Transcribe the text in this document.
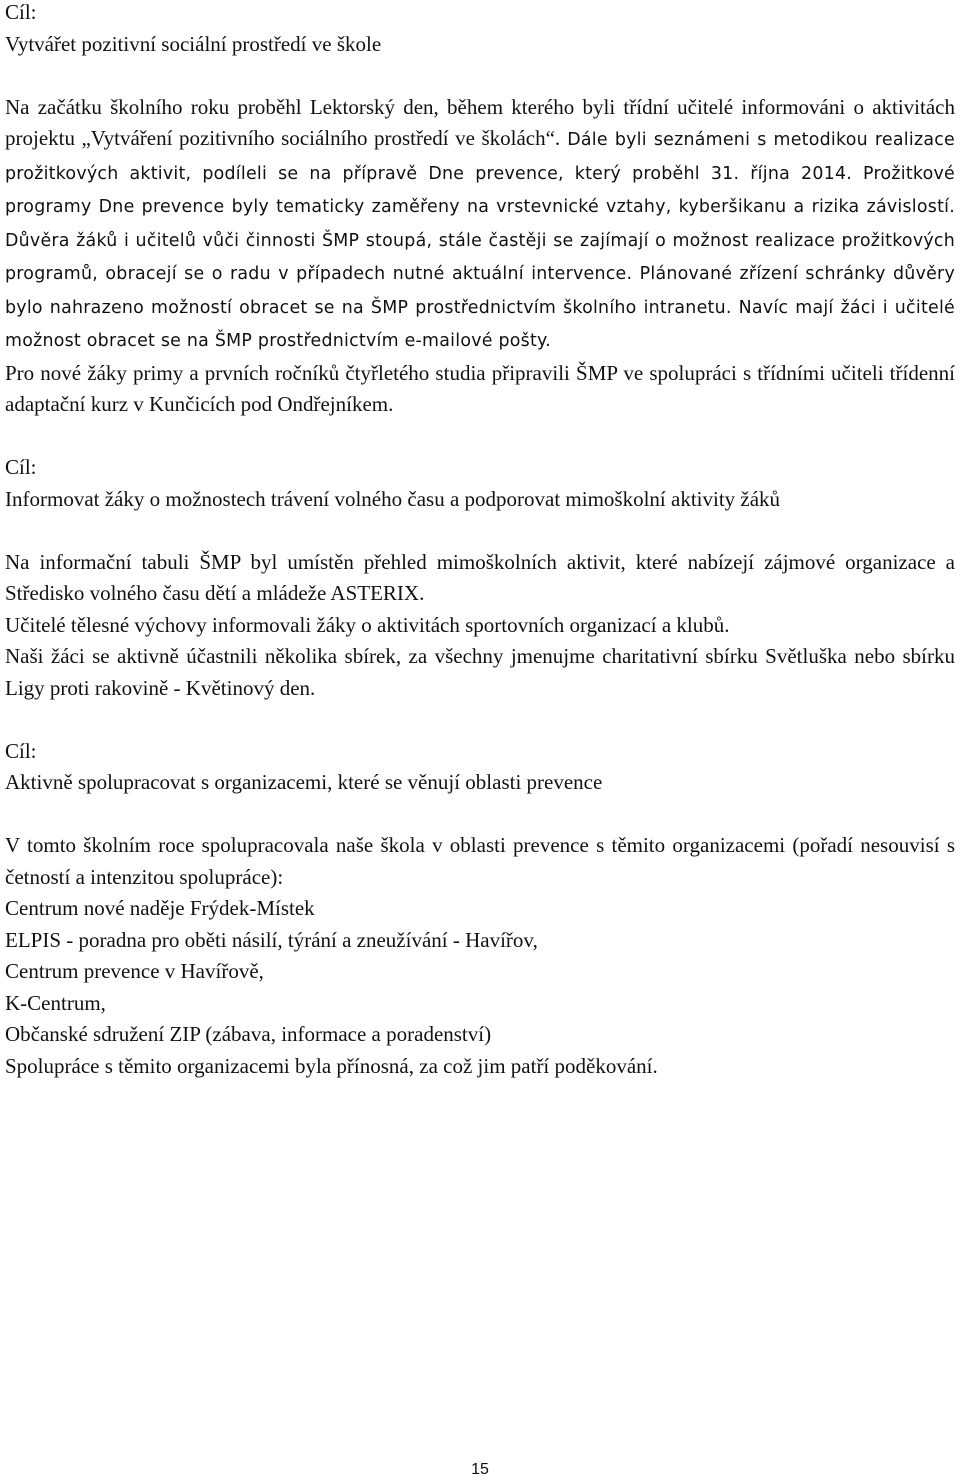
Cíl:

Vytvářet pozitivní sociální prostředí ve škole

Na začátku školního roku proběhl Lektorský den, během kterého byli třídní učitelé informováni o aktivitách projektu „Vytváření pozitivního sociálního prostředí ve školách“. Dále byli seznámeni s metodikou realizace prožitkových aktivit, podíleli se na přípravě Dne prevence, který proběhl 31. října 2014. Prožitkové programy Dne prevence byly tematicky zaměřeny na vrstevnické vztahy, kyberšikanu a rizika závislostí. Důvěra žáků i učitelů vůči činnosti ŠMP stoupá, stále častěji se zajímají o možnost realizace prožitkových programů, obracejí se o radu v případech nutné aktuální intervence. Plánované zřízení schránky důvěry bylo nahrazeno možností obracet se na ŠMP prostřednictvím školního intranetu. Navíc mají žáci i učitelé možnost obracet se na ŠMP prostřednictvím e-mailové pošty.

Pro nové žáky primy a prvních ročníků čtyřletého studia připravili ŠMP ve spolupráci s třídními učiteli třídenní adaptační kurz v Kunčicích pod Ondřejníkem.

Cíl:

Informovat žáky o možnostech trávení volného času a podporovat mimoškolní aktivity žáků

Na informační tabuli ŠMP byl umístěn přehled mimoškolních aktivit, které nabízejí zájmové organizace a Středisko volného času dětí a mládeže ASTERIX.

Učitelé tělesné výchovy informovali žáky o aktivitách sportovních organizací a klubů.

Naši žáci se aktivně účastnili několika sbírek, za všechny jmenujme charitativní sbírku Světluška nebo sbírku Ligy proti rakovině - Květinový den.

Cíl:

Aktivně spolupracovat s organizacemi, které se věnují oblasti prevence

V tomto školním roce spolupracovala naše škola v oblasti prevence s těmito organizacemi (pořadí nesouvisí s četností a intenzitou spolupráce):

Centrum nové naděje Frýdek-Místek

ELPIS - poradna pro oběti násilí, týrání a zneužívání - Havířov,

Centrum prevence v Havířově,

K-Centrum,

Občanské sdružení ZIP (zábava, informace a poradenství)

Spolupráce s těmito organizacemi byla přínosná, za což jim patří poděkování.

15
